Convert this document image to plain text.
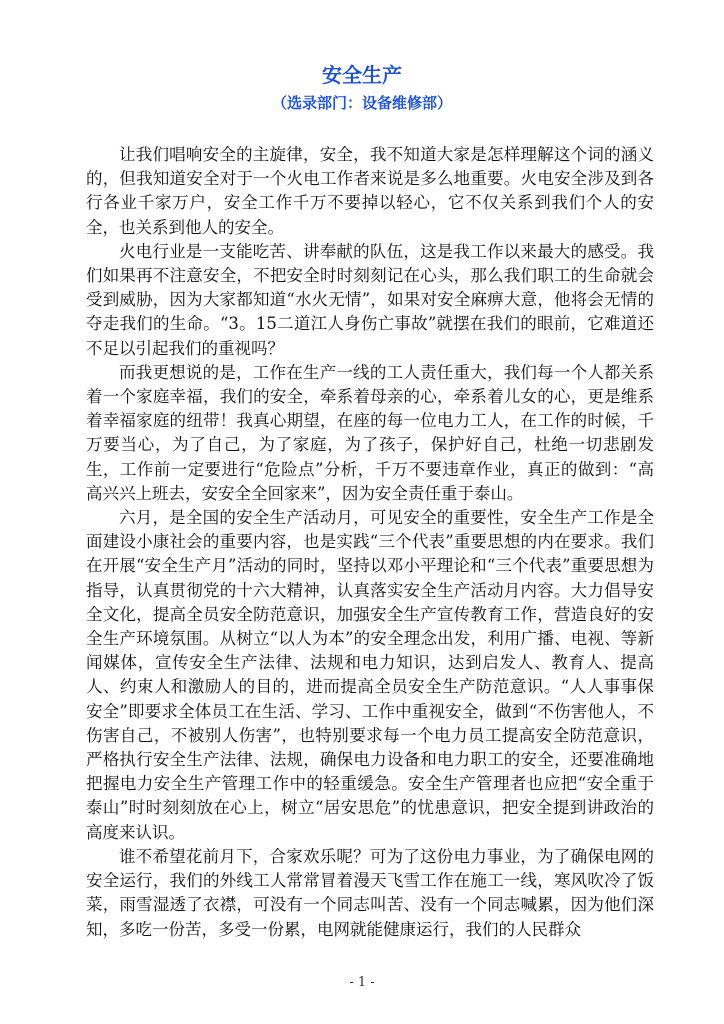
安全生产
（选录部门：设备维修部）

让我们唱响安全的主旋律，安全，我不知道大家是怎样理解这个词的涵义的，但我知道安全对于一个火电工作者来说是多么地重要。火电安全涉及到各行各业千家万户，安全工作千万不要掉以轻心，它不仅关系到我们个人的安全，也关系到他人的安全。

火电行业是一支能吃苦、讲奉献的队伍，这是我工作以来最大的感受。我们如果再不注意安全，不把安全时时刻刻记在心头，那么我们职工的生命就会受到威胁，因为大家都知道“水火无情”，如果对安全麻痹大意，他将会无情的夺走我们的生命。“3。15二道江人身伤亡事故”就摆在我们的眼前，它难道还不足以引起我们的重视吗？

而我更想说的是，工作在生产一线的工人责任重大，我们每一个人都关系着一个家庭幸福，我们的安全，牵系着母亲的心，牵系着儿女的心，更是维系着幸福家庭的纽带！我真心期望，在座的每一位电力工人，在工作的时候，千万要当心，为了自己，为了家庭，为了孩子，保护好自己，杜绝一切悲剧发生，工作前一定要进行“危险点”分析，千万不要违章作业，真正的做到：“高高兴兴上班去，安安全全回家来”，因为安全责任重于泰山。

六月，是全国的安全生产活动月，可见安全的重要性，安全生产工作是全面建设小康社会的重要内容，也是实践“三个代表”重要思想的内在要求。我们在开展“安全生产月”活动的同时，坚持以邓小平理论和“三个代表”重要思想为指导，认真贯彻党的十六大精神，认真落实安全生产活动月内容。大力倡导安全文化，提高全员安全防范意识，加强安全生产宣传教育工作，营造良好的安全生产环境氛围。从树立“以人为本”的安全理念出发，利用广播、电视、等新闻媒体，宣传安全生产法律、法规和电力知识，达到启发人、教育人、提高人、约束人和激励人的目的，进而提高全员安全生产防范意识。“人人事事保安全”即要求全体员工在生活、学习、工作中重视安全，做到“不伤害他人，不伤害自己，不被别人伤害”，也特别要求每一个电力员工提高安全防范意识，严格执行安全生产法律、法规，确保电力设备和电力职工的安全，还要准确地把握电力安全生产管理工作中的轻重缓急。安全生产管理者也应把“安全重于泰山”时时刻刻放在心上，树立“居安思危”的忧患意识，把安全提到讲政治的高度来认识。

谁不希望花前月下，合家欢乐呢？可为了这份电力事业，为了确保电网的安全运行，我们的外线工人常常冒着漫天飞雪工作在施工一线，寒风吹冷了饭菜，雨雪湿透了衣襟，可没有一个同志叫苦、没有一个同志喊累，因为他们深知，多吃一份苦，多受一份累，电网就能健康运行，我们的人民群众

- 1 -
